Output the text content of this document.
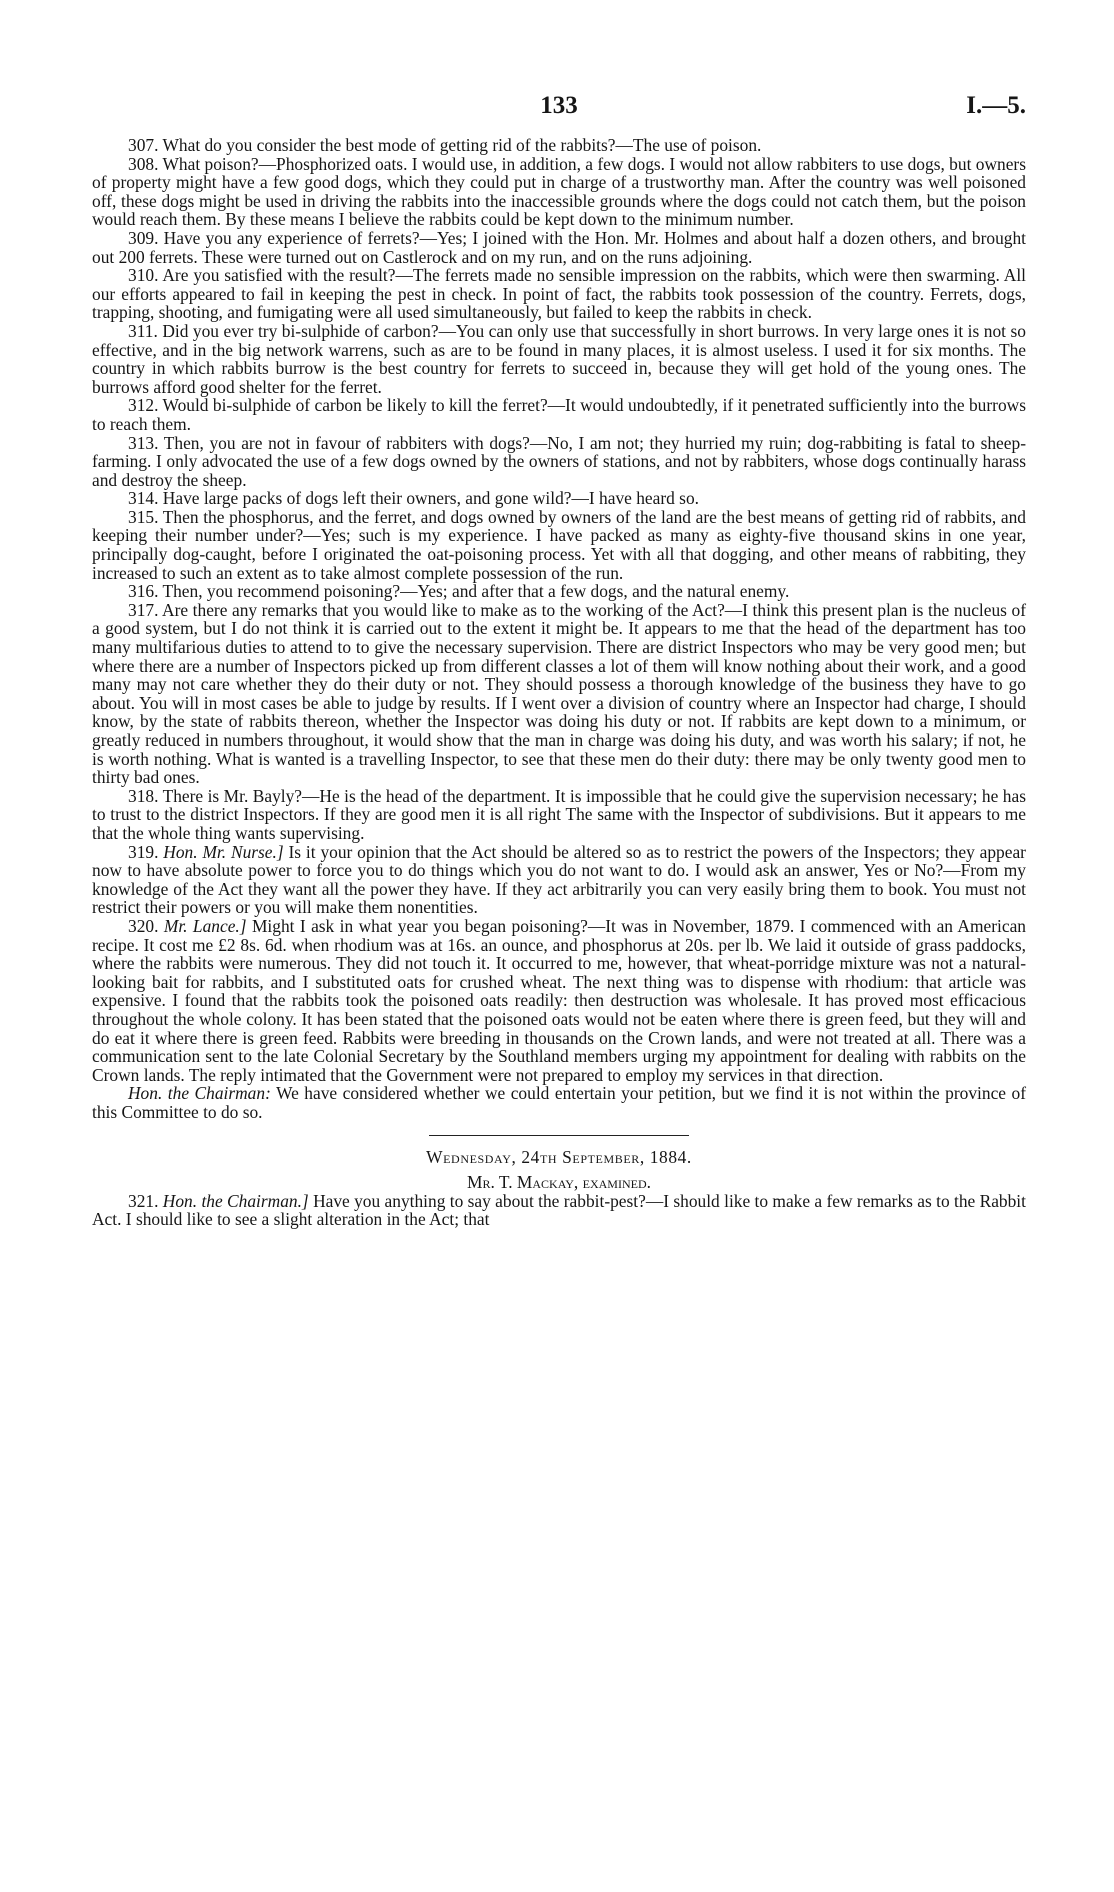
133	I.—5.

307. What do you consider the best mode of getting rid of the rabbits?—The use of poison.

308. What poison?—Phosphorized oats. I would use, in addition, a few dogs. I would not allow rabbiters to use dogs, but owners of property might have a few good dogs, which they could put in charge of a trustworthy man. After the country was well poisoned off, these dogs might be used in driving the rabbits into the inaccessible grounds where the dogs could not catch them, but the poison would reach them. By these means I believe the rabbits could be kept down to the minimum number.

309. Have you any experience of ferrets?—Yes; I joined with the Hon. Mr. Holmes and about half a dozen others, and brought out 200 ferrets. These were turned out on Castlerock and on my run, and on the runs adjoining.

310. Are you satisfied with the result?—The ferrets made no sensible impression on the rabbits, which were then swarming. All our efforts appeared to fail in keeping the pest in check. In point of fact, the rabbits took possession of the country. Ferrets, dogs, trapping, shooting, and fumigating were all used simultaneously, but failed to keep the rabbits in check.

311. Did you ever try bi-sulphide of carbon?—You can only use that successfully in short burrows. In very large ones it is not so effective, and in the big network warrens, such as are to be found in many places, it is almost useless. I used it for six months. The country in which rabbits burrow is the best country for ferrets to succeed in, because they will get hold of the young ones. The burrows afford good shelter for the ferret.

312. Would bi-sulphide of carbon be likely to kill the ferret?—It would undoubtedly, if it penetrated sufficiently into the burrows to reach them.

313. Then, you are not in favour of rabbiters with dogs?—No, I am not; they hurried my ruin; dog-rabbiting is fatal to sheep-farming. I only advocated the use of a few dogs owned by the owners of stations, and not by rabbiters, whose dogs continually harass and destroy the sheep.

314. Have large packs of dogs left their owners, and gone wild?—I have heard so.

315. Then the phosphorus, and the ferret, and dogs owned by owners of the land are the best means of getting rid of rabbits, and keeping their number under?—Yes; such is my experience. I have packed as many as eighty-five thousand skins in one year, principally dog-caught, before I originated the oat-poisoning process. Yet with all that dogging, and other means of rabbiting, they increased to such an extent as to take almost complete possession of the run.

316. Then, you recommend poisoning?—Yes; and after that a few dogs, and the natural enemy.

317. Are there any remarks that you would like to make as to the working of the Act?—I think this present plan is the nucleus of a good system, but I do not think it is carried out to the extent it might be. It appears to me that the head of the department has too many multifarious duties to attend to to give the necessary supervision. There are district Inspectors who may be very good men; but where there are a number of Inspectors picked up from different classes a lot of them will know nothing about their work, and a good many may not care whether they do their duty or not. They should possess a thorough knowledge of the business they have to go about. You will in most cases be able to judge by results. If I went over a division of country where an Inspector had charge, I should know, by the state of rabbits thereon, whether the Inspector was doing his duty or not. If rabbits are kept down to a minimum, or greatly reduced in numbers throughout, it would show that the man in charge was doing his duty, and was worth his salary; if not, he is worth nothing. What is wanted is a travelling Inspector, to see that these men do their duty: there may be only twenty good men to thirty bad ones.

318. There is Mr. Bayly?—He is the head of the department. It is impossible that he could give the supervision necessary; he has to trust to the district Inspectors. If they are good men it is all right The same with the Inspector of subdivisions. But it appears to me that the whole thing wants supervising.

319. Hon. Mr. Nurse.] Is it your opinion that the Act should be altered so as to restrict the powers of the Inspectors; they appear now to have absolute power to force you to do things which you do not want to do. I would ask an answer, Yes or No?—From my knowledge of the Act they want all the power they have. If they act arbitrarily you can very easily bring them to book. You must not restrict their powers or you will make them nonentities.

320. Mr. Lance.] Might I ask in what year you began poisoning?—It was in November, 1879. I commenced with an American recipe. It cost me £2 8s. 6d. when rhodium was at 16s. an ounce, and phosphorus at 20s. per lb. We laid it outside of grass paddocks, where the rabbits were numerous. They did not touch it. It occurred to me, however, that wheat-porridge mixture was not a natural-looking bait for rabbits, and I substituted oats for crushed wheat. The next thing was to dispense with rhodium: that article was expensive. I found that the rabbits took the poisoned oats readily: then destruction was wholesale. It has proved most efficacious throughout the whole colony. It has been stated that the poisoned oats would not be eaten where there is green feed, but they will and do eat it where there is green feed. Rabbits were breeding in thousands on the Crown lands, and were not treated at all. There was a communication sent to the late Colonial Secretary by the Southland members urging my appointment for dealing with rabbits on the Crown lands. The reply intimated that the Government were not prepared to employ my services in that direction.

Hon. the Chairman: We have considered whether we could entertain your petition, but we find it is not within the province of this Committee to do so.

Wednesday, 24th September, 1884.

Mr. T. Mackay, examined.

321. Hon. the Chairman.] Have you anything to say about the rabbit-pest?—I should like to make a few remarks as to the Rabbit Act. I should like to see a slight alteration in the Act; that
